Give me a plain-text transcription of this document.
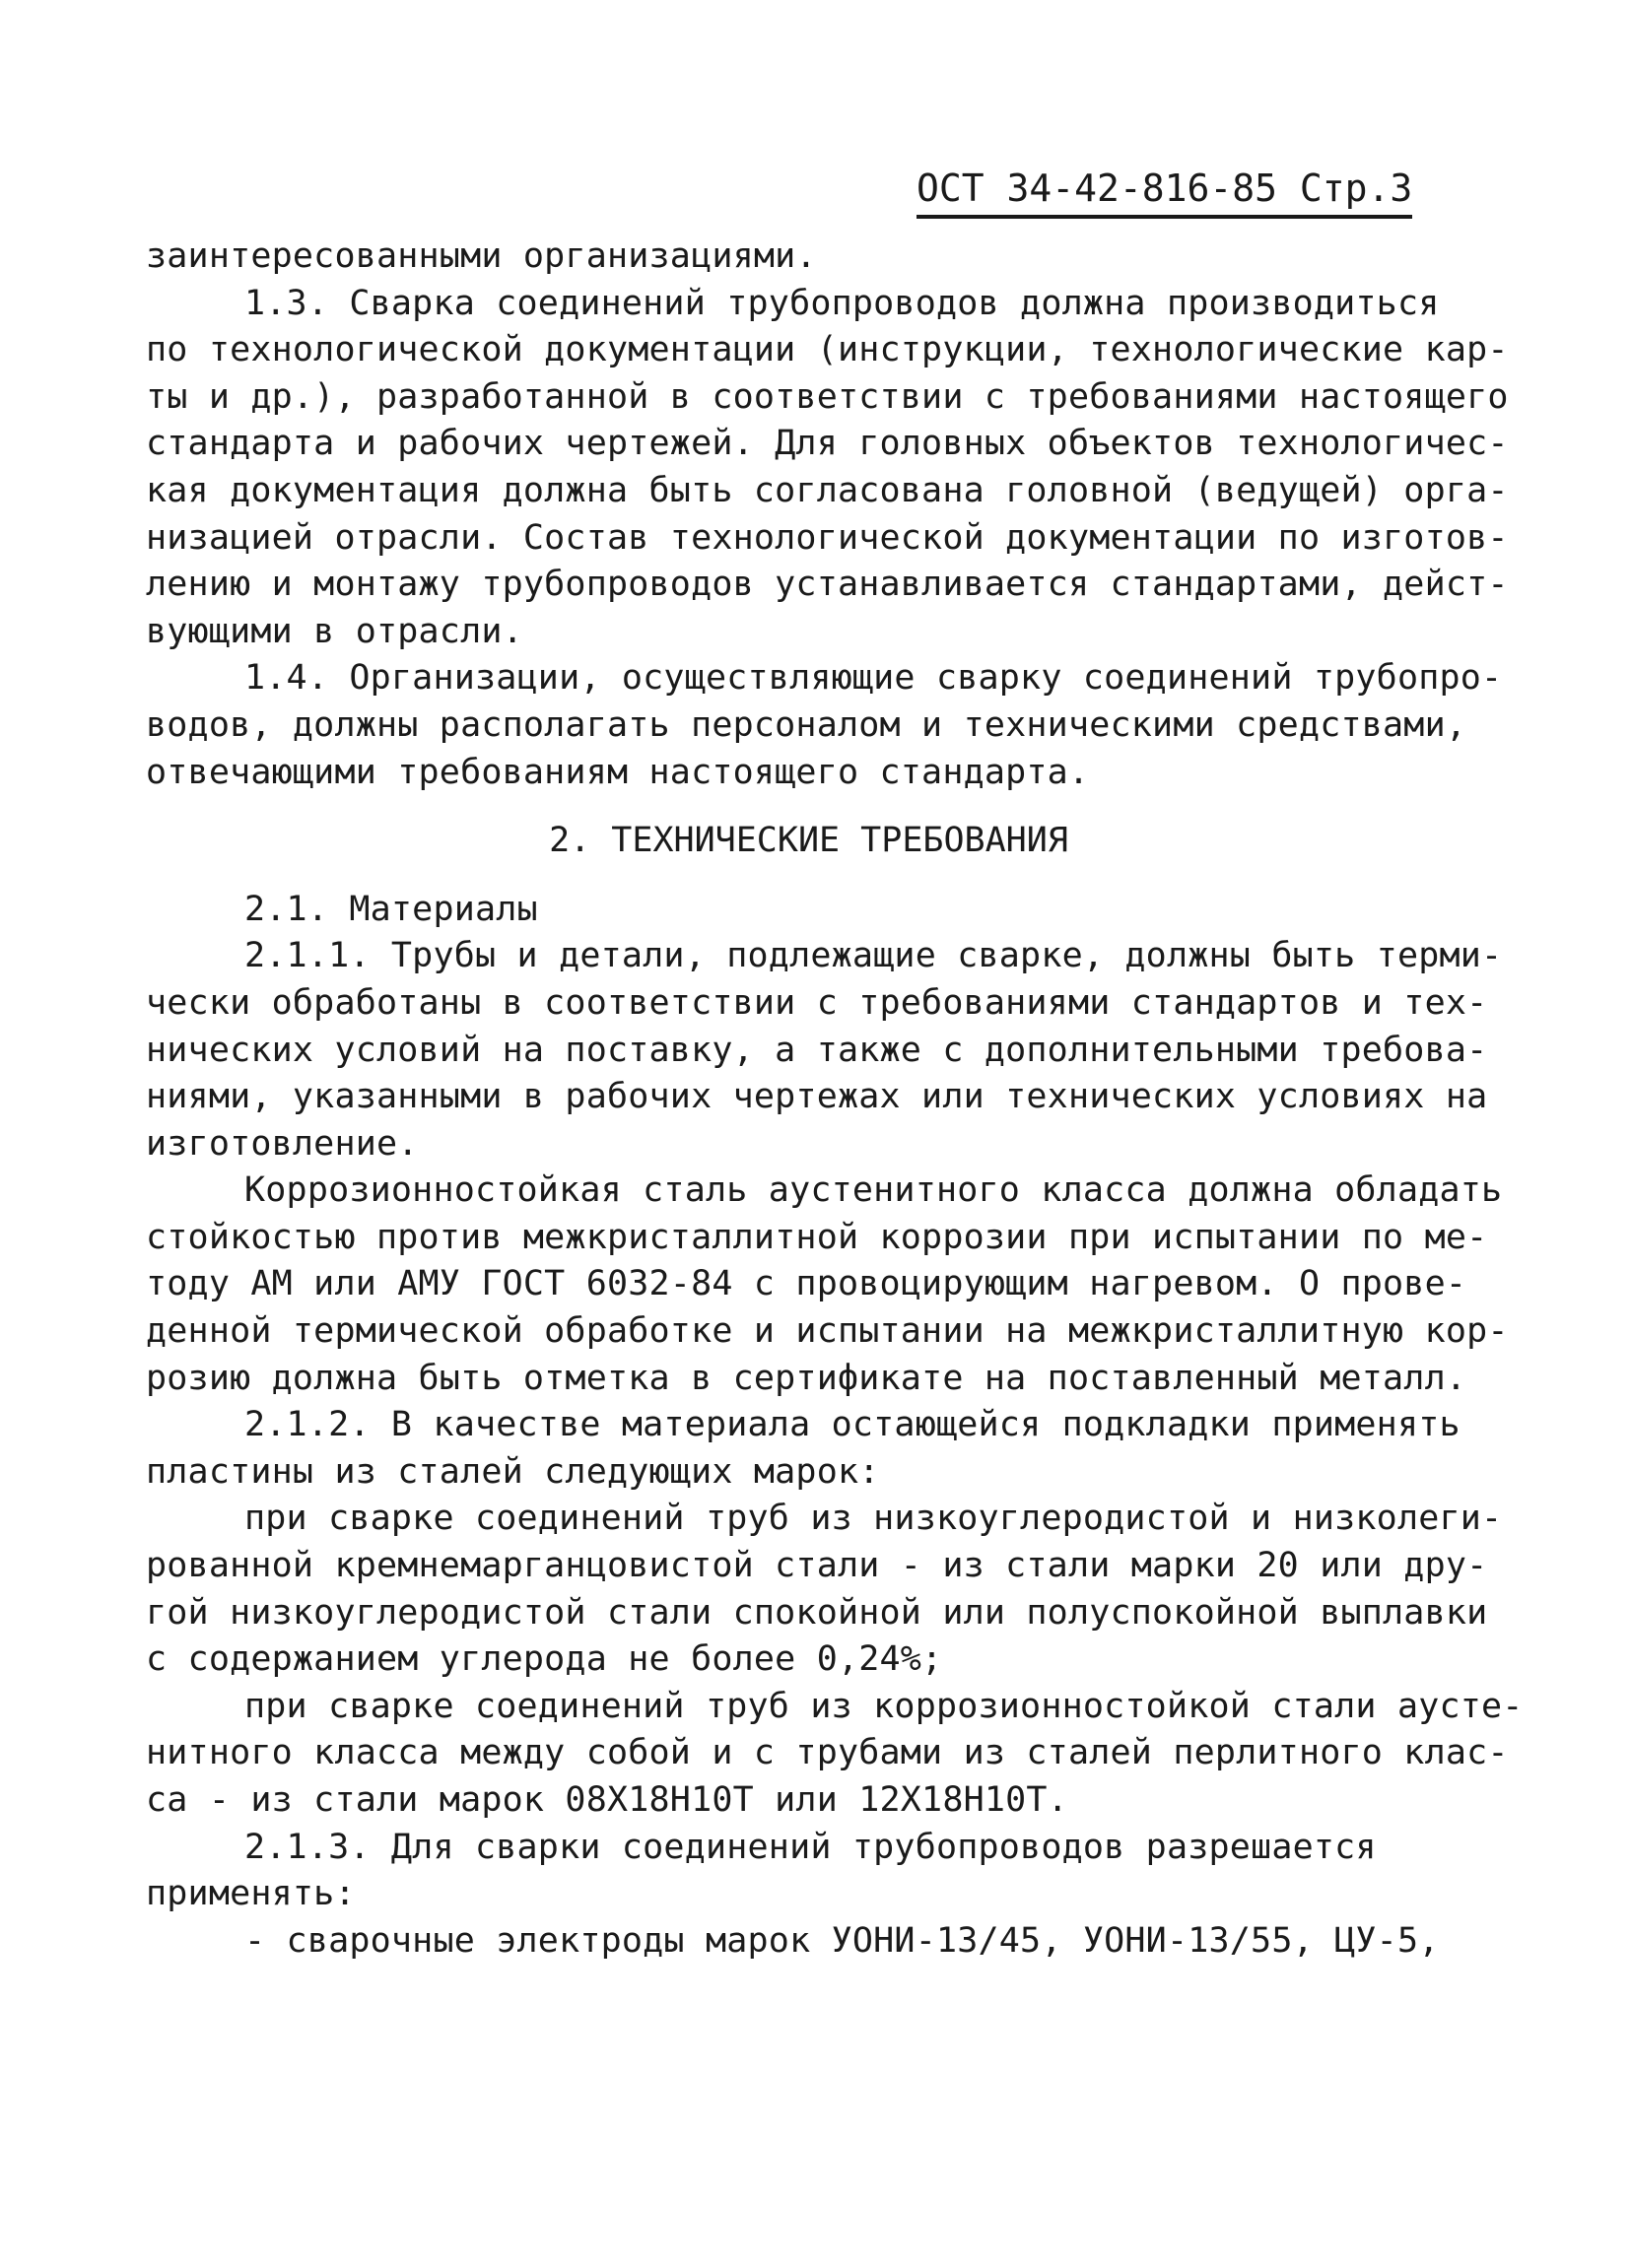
ОСТ 34-42-816-85 Стр.3
заинтересованными организациями.
1.3. Сварка соединений трубопроводов должна производиться
по технологической документации (инструкции, технологические кар-
ты и др.), разработанной в соответствии с требованиями настоящего
стандарта и рабочих чертежей. Для головных объектов технологичес-
кая документация должна быть согласована головной (ведущей) орга-
низацией отрасли. Состав технологической документации по изготов-
лению и монтажу трубопроводов устанавливается стандартами, дейст-
вующими в отрасли.
1.4. Организации, осуществляющие сварку соединений трубопро-
водов, должны располагать персоналом и техническими средствами,
отвечающими требованиям настоящего стандарта.
2. ТЕХНИЧЕСКИЕ ТРЕБОВАНИЯ
2.1. Материалы
2.1.1. Трубы и детали, подлежащие сварке, должны быть терми-
чески обработаны в соответствии с требованиями стандартов и тех-
нических условий на поставку, а также с дополнительными требова-
ниями, указанными в рабочих чертежах или технических условиях на
изготовление.
Коррозионностойкая сталь аустенитного класса должна обладать
стойкостью против межкристаллитной коррозии при испытании по ме-
тоду АМ или АМУ ГОСТ 6032-84 с провоцирующим нагревом. О прове-
денной термической обработке и испытании на межкристаллитную кор-
розию должна быть отметка в сертификате на поставленный металл.
2.1.2. В качестве материала остающейся подкладки применять
пластины из сталей следующих марок:
при сварке соединений труб из низкоуглеродистой и низколеги-
рованной кремнемарганцовистой стали - из стали марки 20 или дру-
гой низкоуглеродистой стали спокойной или полуспокойной выплавки
с содержанием углерода не более 0,24%;
при сварке соединений труб из коррозионностойкой стали аусте-
нитного класса между собой и с трубами из сталей перлитного клас-
са - из стали марок 08Х18Н10Т или 12Х18Н10Т.
2.1.3. Для сварки соединений трубопроводов разрешается
применять:
- сварочные электроды марок УОНИ-13/45, УОНИ-13/55, ЦУ-5,
